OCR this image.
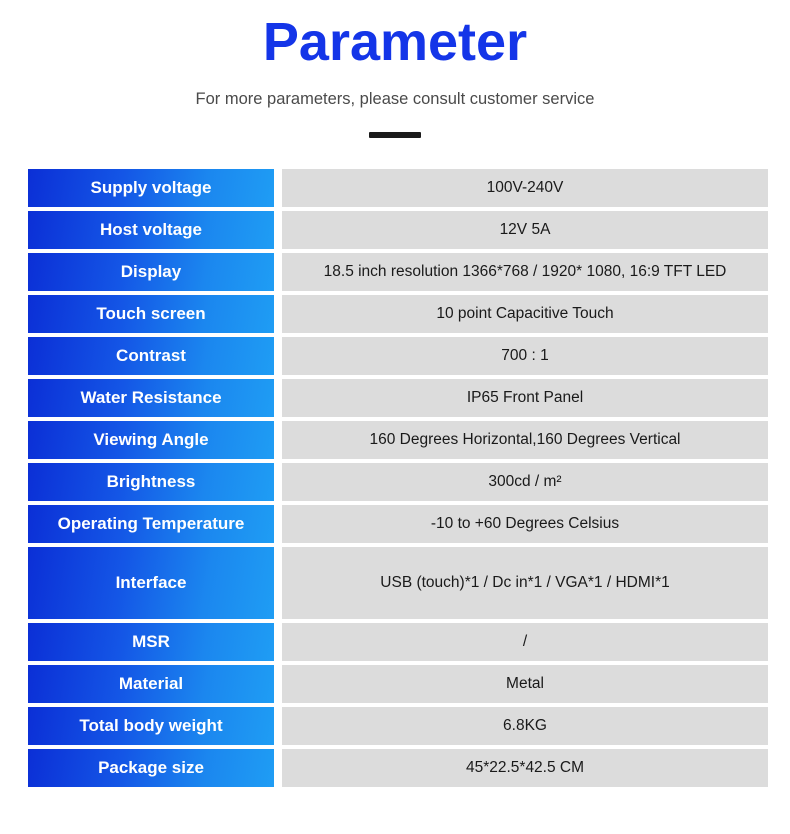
Parameter
For more parameters, please consult customer service
Supply voltage		100V-240V
Host voltage		12V 5A
Display		18.5 inch resolution 1366*768 / 1920* 1080, 16:9 TFT LED
Touch screen		10 point Capacitive Touch
Contrast		700 : 1
Water Resistance		IP65 Front Panel
Viewing Angle		160 Degrees Horizontal,160 Degrees Vertical
Brightness		300cd / m²
Operating Temperature		-10 to +60 Degrees Celsius
Interface		USB (touch)*1 / Dc in*1 / VGA*1 / HDMI*1
MSR		/
Material		Metal
Total body weight		6.8KG
Package size		45*22.5*42.5 CM
